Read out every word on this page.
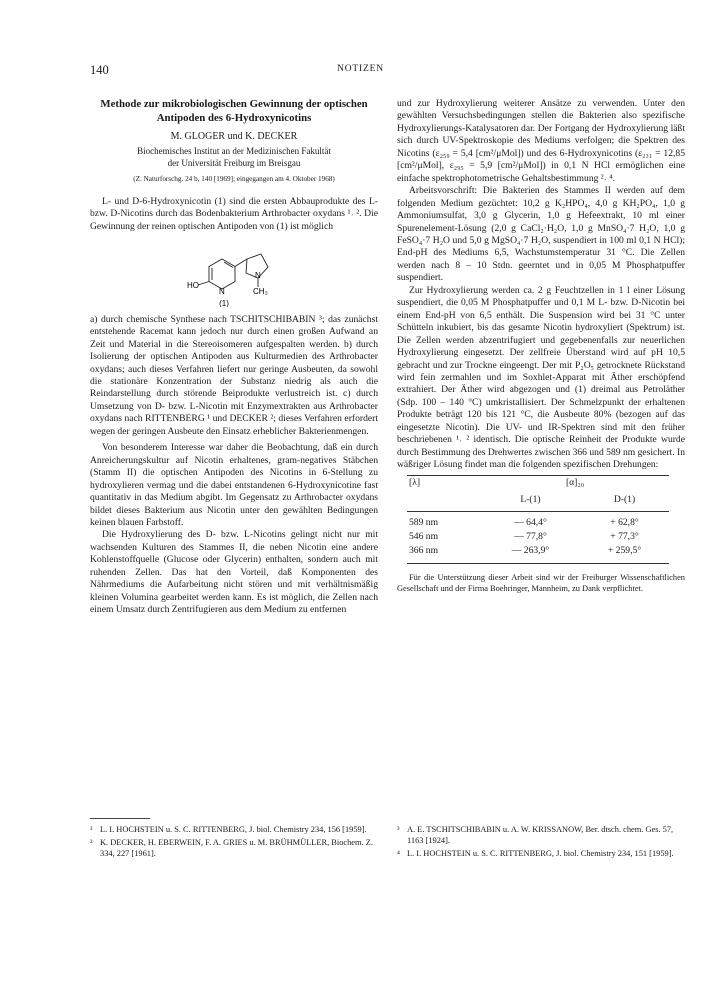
140	NOTIZEN
Methode zur mikrobiologischen Gewinnung der optischen Antipoden des 6-Hydroxynicotins
M. GLOGER und K. DECKER
Biochemisches Institut an der Medizinischen Fakultät
der Universität Freiburg im Breisgau
(Z. Naturforschg. 24 b, 140 [1969]; eingegangen am 4. Oktober 1968)

L- und D-6-Hydroxynicotin (1) sind die ersten Abbauprodukte des L- bzw. D-Nicotins durch das Bodenbakterium Arthrobacter oxydans ¹˒ ². Die Gewinnung der reinen optischen Antipoden von (1) ist möglich

HO
N
N
CH₃
(1)

a) durch chemische Synthese nach TSCHITSCHIBABIN ³; das zunächst entstehende Racemat kann jedoch nur durch einen großen Aufwand an Zeit und Material in die Stereoisomeren aufgespalten werden. b) durch Isolierung der optischen Antipoden aus Kulturmedien des Arthrobacter oxydans; auch dieses Verfahren liefert nur geringe Ausbeuten, da sowohl die stationäre Konzentration der Substanz niedrig als auch die Reindarstellung durch störende Beiprodukte verlustreich ist. c) durch Umsetzung von D- bzw. L-Nicotin mit Enzymextrakten aus Arthrobacter oxydans nach RITTENBERG ¹ und DECKER ²; dieses Verfahren erfordert wegen der geringen Ausbeute den Einsatz erheblicher Bakterienmengen.

Von besonderem Interesse war daher die Beobachtung, daß ein durch Anreicherungskultur auf Nicotin erhaltenes, gram-negatives Stäbchen (Stamm II) die optischen Antipoden des Nicotins in 6-Stellung zu hydroxylieren vermag und die dabei entstandenen 6-Hydroxynicotine fast quantitativ in das Medium abgibt. Im Gegensatz zu Arthrobacter oxydans bildet dieses Bakterium aus Nicotin unter den gewählten Bedingungen keinen blauen Farbstoff.

Die Hydroxylierung des D- bzw. L-Nicotins gelingt nicht nur mit wachsenden Kulturen des Stammes II, die neben Nicotin eine andere Kohlenstoffquelle (Glucose oder Glycerin) enthalten, sondern auch mit ruhenden Zellen. Das hat den Vorteil, daß Komponenten des Nährmediums die Aufarbeitung nicht stören und mit verhältnismäßig kleinen Volumina gearbeitet werden kann. Es ist möglich, die Zellen nach einem Umsatz durch Zentrifugieren aus dem Medium zu entfernen

und zur Hydroxylierung weiterer Ansätze zu verwenden. Unter den gewählten Versuchsbedingungen stellen die Bakterien also spezifische Hydroxylierungs-Katalysatoren dar. Der Fortgang der Hydroxylierung läßt sich durch UV-Spektroskopie des Mediums verfolgen; die Spektren des Nicotins (ε₂₅₉ = 5,4 [cm²/μMol]) und des 6-Hydroxynicotins (ε₂₃₁ = 12,85 [cm²/μMol], ε₂₉₅ = 5,9 [cm²/μMol]) in 0,1 N HCl ermöglichen eine einfache spektrophotometrische Gehaltsbestimmung ²˒ ⁴.

Arbeitsvorschrift: Die Bakterien des Stammes II werden auf dem folgenden Medium gezüchtet: 10,2 g K₂HPO₄, 4,0 g KH₂PO₄, 1,0 g Ammoniumsulfat, 3,0 g Glycerin, 1,0 g Hefeextrakt, 10 ml einer Spurenelement-Lösung (2,0 g CaCl₂·H₂O, 1,0 g MnSO₄·7 H₂O, 1,0 g FeSO₄·7 H₂O und 5,0 g MgSO₄·7 H₂O, suspendiert in 100 ml 0,1 N HCl); End-pH des Mediums 6,5, Wachstumstemperatur 31 °C. Die Zellen werden nach 8 – 10 Stdn. geerntet und in 0,05 M Phosphatpuffer suspendiert.

Zur Hydroxylierung werden ca. 2 g Feuchtzellen in 1 l einer Lösung suspendiert, die 0,05 M Phosphatpuffer und 0,1 M L- bzw. D-Nicotin bei einem End-pH von 6,5 enthält. Die Suspension wird bei 31 °C unter Schütteln inkubiert, bis das gesamte Nicotin hydroxyliert (Spektrum) ist. Die Zellen werden abzentrifugiert und gegebenenfalls zur neuerlichen Hydroxylierung eingesetzt. Der zellfreie Überstand wird auf pH 10,5 gebracht und zur Trockne eingeengt. Der mit P₂O₅ getrocknete Rückstand wird fein zermahlen und im Soxhlet-Apparat mit Äther erschöpfend extrahiert. Der Äther wird abgezogen und (1) dreimal aus Petroläther (Sdp. 100 – 140 °C) umkristallisiert. Der Schmelzpunkt der erhaltenen Produkte beträgt 120 bis 121 °C, die Ausbeute 80% (bezogen auf das eingesetzte Nicotin). Die UV- und IR-Spektren sind mit den früher beschriebenen ¹˒ ² identisch. Die optische Reinheit der Produkte wurde durch Bestimmung des Drehwertes zwischen 366 und 589 nm gesichert. In wäßriger Lösung findet man die folgenden spezifischen Drehungen:

[λ]	[α]₂₀	
	L-(1)	D-(1)
589 nm	— 64,4°	+ 62,8°
546 nm	— 77,8°	+ 77,3°
366 nm	— 263,9°	+ 259,5°

Für die Unterstützung dieser Arbeit sind wir der Freiburger Wissenschaftlichen Gesellschaft und der Firma Boehringer, Mannheim, zu Dank verpflichtet.

¹ L. I. HOCHSTEIN u. S. C. RITTENBERG, J. biol. Chemistry 234, 156 [1959].
² K. DECKER, H. EBERWEIN, F. A. GRIES u. M. BRÜHMÜLLER, Biochem. Z. 334, 227 [1961].
³ A. E. TSCHITSCHIBABIN u. A. W. KRISSANOW, Ber. dtsch. chem. Ges. 57, 1163 [1924].
⁴ L. I. HOCHSTEIN u. S. C. RITTENBERG, J. biol. Chemistry 234, 151 [1959].
